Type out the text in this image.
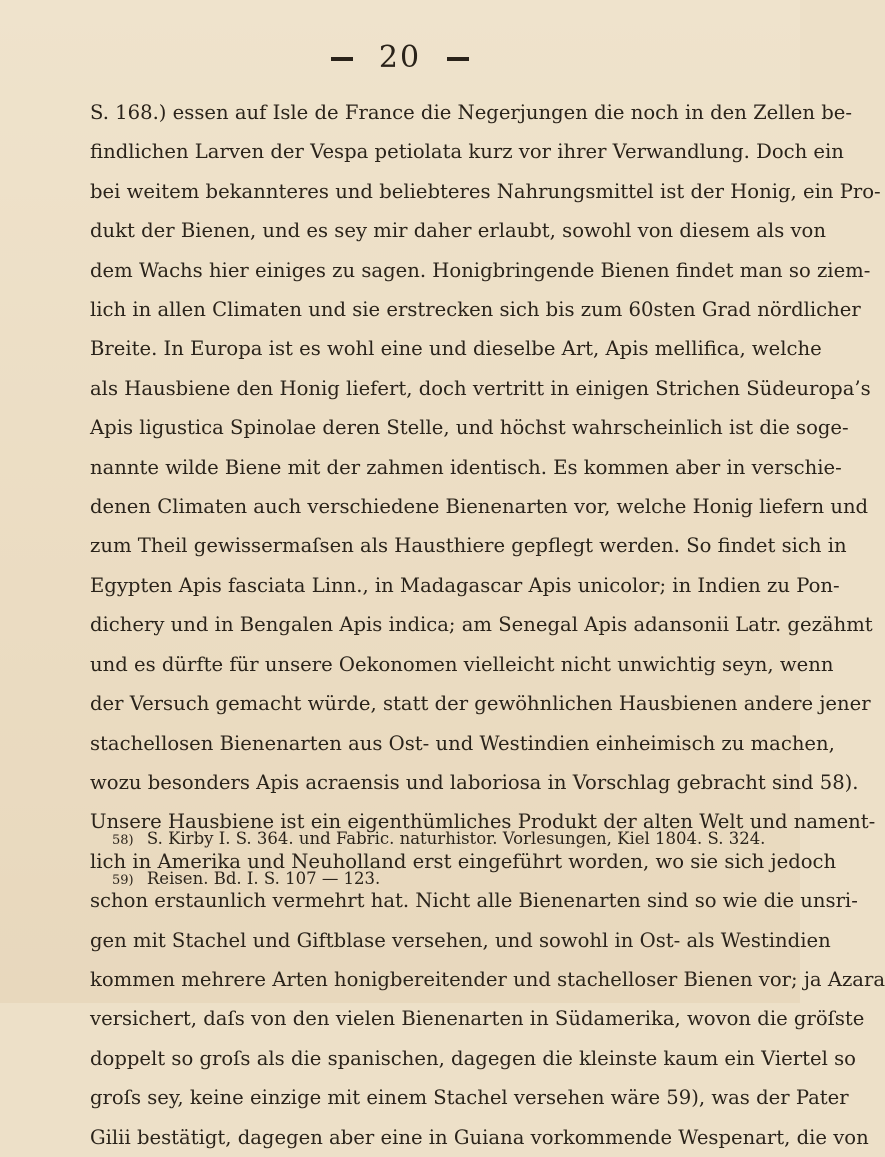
20
S. 168.) essen auf Isle de France die Negerjungen die noch in den Zellen be-
findlichen Larven der Vespa petiolata kurz vor ihrer Verwandlung. Doch ein
bei weitem bekannteres und beliebteres Nahrungsmittel ist der Honig, ein Pro-
dukt der Bienen, und es sey mir daher erlaubt, sowohl von diesem als von
dem Wachs hier einiges zu sagen. Honigbringende Bienen findet man so ziem-
lich in allen Climaten und sie erstrecken sich bis zum 60sten Grad nördlicher
Breite. In Europa ist es wohl eine und dieselbe Art, Apis mellifica, welche
als Hausbiene den Honig liefert, doch vertritt in einigen Strichen Südeuropa’s
Apis ligustica Spinolae deren Stelle, und höchst wahrscheinlich ist die soge-
nannte wilde Biene mit der zahmen identisch. Es kommen aber in verschie-
denen Climaten auch verschiedene Bienenarten vor, welche Honig liefern und
zum Theil gewissermaſsen als Hausthiere gepflegt werden. So findet sich in
Egypten Apis fasciata Linn., in Madagascar Apis unicolor; in Indien zu Pon-
dichery und in Bengalen Apis indica; am Senegal Apis adansonii Latr. gezähmt
und es dürfte für unsere Oekonomen vielleicht nicht unwichtig seyn, wenn
der Versuch gemacht würde, statt der gewöhnlichen Hausbienen andere jener
stachellosen Bienenarten aus Ost- und Westindien einheimisch zu machen,
wozu besonders Apis acraensis und laboriosa in Vorschlag gebracht sind 58).
Unsere Hausbiene ist ein eigenthümliches Produkt der alten Welt und nament-
lich in Amerika und Neuholland erst eingeführt worden, wo sie sich jedoch
schon erstaunlich vermehrt hat. Nicht alle Bienenarten sind so wie die unsri-
gen mit Stachel und Giftblase versehen, und sowohl in Ost- als Westindien
kommen mehrere Arten honigbereitender und stachelloser Bienen vor; ja Azara
versichert, daſs von den vielen Bienenarten in Südamerika, wovon die gröſste
doppelt so groſs als die spanischen, dagegen die kleinste kaum ein Viertel so
groſs sey, keine einzige mit einem Stachel versehen wäre 59), was der Pater
Gilii bestätigt, dagegen aber eine in Guiana vorkommende Wespenart, die von
58) S. Kirby I. S. 364. und Fabric. naturhistor. Vorlesungen, Kiel 1804. S. 324.
59) Reisen. Bd. I. S. 107 — 123.
